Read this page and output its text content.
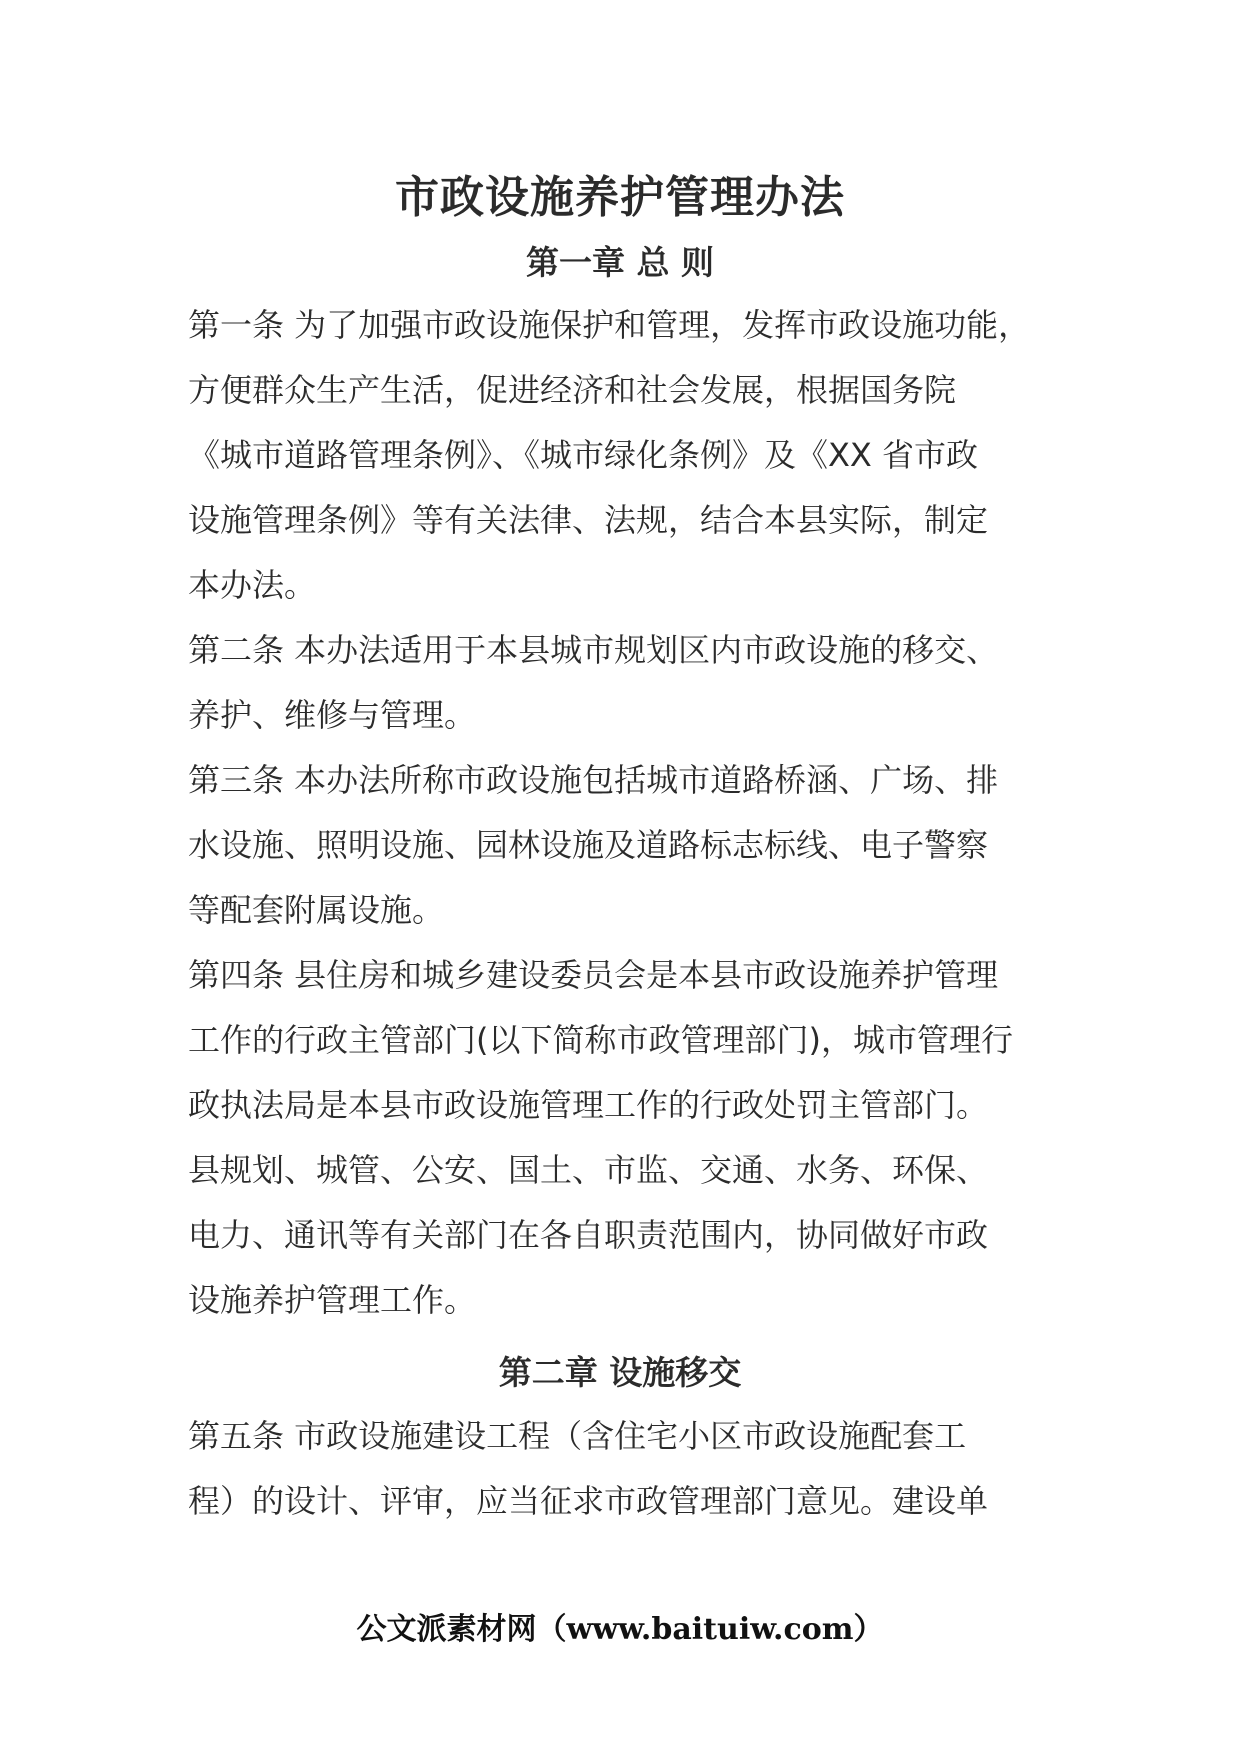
市政设施养护管理办法
第一章 总 则
第一条 为了加强市政设施保护和管理，发挥市政设施功能，
方便群众生产生活，促进经济和社会发展，根据国务院
《城市道路管理条例》、《城市绿化条例》及《XX 省市政
设施管理条例》等有关法律、法规，结合本县实际，制定
本办法。
第二条 本办法适用于本县城市规划区内市政设施的移交、
养护、维修与管理。
第三条 本办法所称市政设施包括城市道路桥涵、广场、排
水设施、照明设施、园林设施及道路标志标线、电子警察
等配套附属设施。
第四条 县住房和城乡建设委员会是本县市政设施养护管理
工作的行政主管部门(以下简称市政管理部门)，城市管理行
政执法局是本县市政设施管理工作的行政处罚主管部门。
县规划、城管、公安、国土、市监、交通、水务、环保、
电力、通讯等有关部门在各自职责范围内，协同做好市政
设施养护管理工作。
第二章 设施移交
第五条 市政设施建设工程（含住宅小区市政设施配套工
程）的设计、评审，应当征求市政管理部门意见。建设单
公文派素材网（www.baituiw.com）
